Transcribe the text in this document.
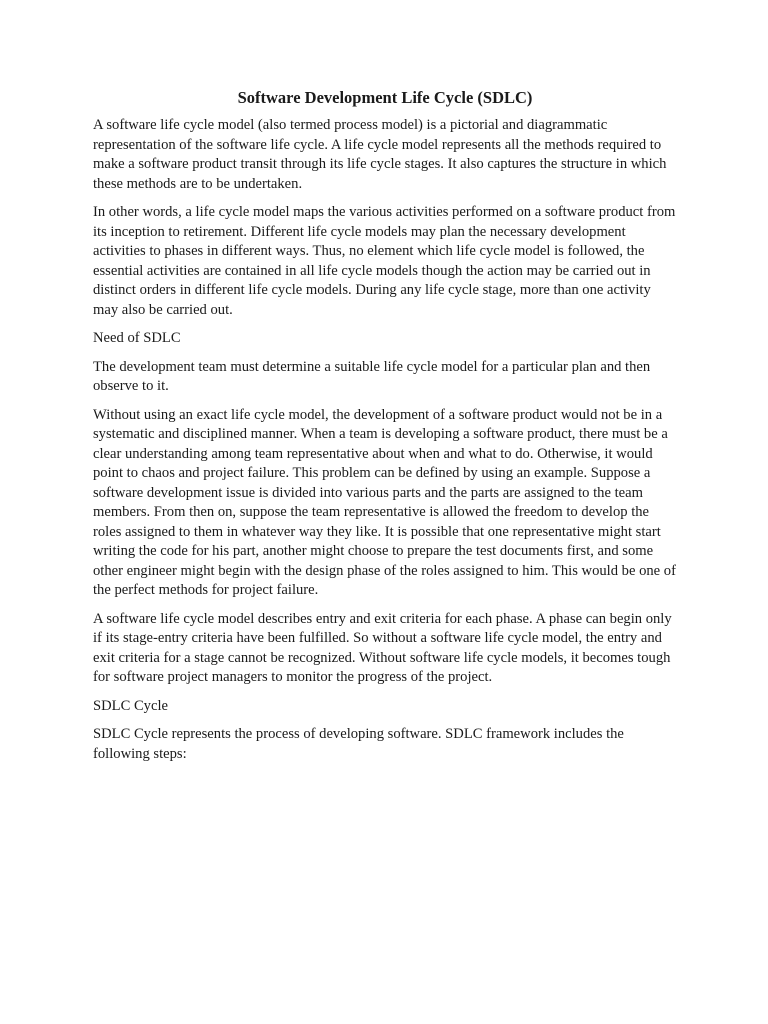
Software Development Life Cycle (SDLC)

A software life cycle model (also termed process model) is a pictorial and diagrammatic representation of the software life cycle. A life cycle model represents all the methods required to make a software product transit through its life cycle stages. It also captures the structure in which these methods are to be undertaken.

In other words, a life cycle model maps the various activities performed on a software product from its inception to retirement. Different life cycle models may plan the necessary development activities to phases in different ways. Thus, no element which life cycle model is followed, the essential activities are contained in all life cycle models though the action may be carried out in distinct orders in different life cycle models. During any life cycle stage, more than one activity may also be carried out.

Need of SDLC

The development team must determine a suitable life cycle model for a particular plan and then observe to it.

Without using an exact life cycle model, the development of a software product would not be in a systematic and disciplined manner. When a team is developing a software product, there must be a clear understanding among team representative about when and what to do. Otherwise, it would point to chaos and project failure. This problem can be defined by using an example. Suppose a software development issue is divided into various parts and the parts are assigned to the team members. From then on, suppose the team representative is allowed the freedom to develop the roles assigned to them in whatever way they like. It is possible that one representative might start writing the code for his part, another might choose to prepare the test documents first, and some other engineer might begin with the design phase of the roles assigned to him. This would be one of the perfect methods for project failure.

A software life cycle model describes entry and exit criteria for each phase. A phase can begin only if its stage-entry criteria have been fulfilled. So without a software life cycle model, the entry and exit criteria for a stage cannot be recognized. Without software life cycle models, it becomes tough for software project managers to monitor the progress of the project.

SDLC Cycle

SDLC Cycle represents the process of developing software. SDLC framework includes the following steps:
